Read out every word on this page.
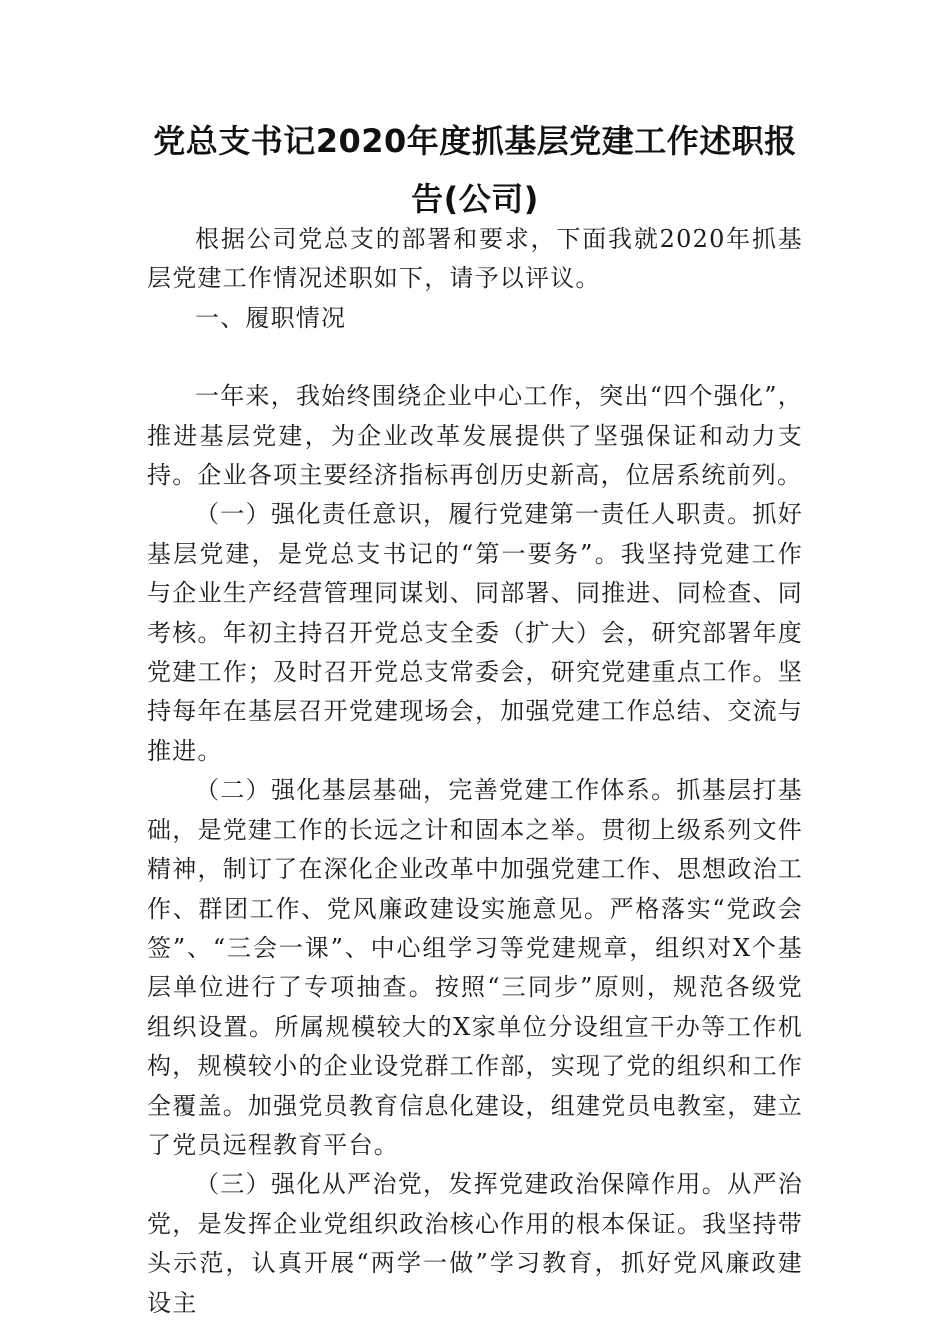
党总支书记2020年度抓基层党建工作述职报告(公司)

根据公司党总支的部署和要求，下面我就2020年抓基层党建工作情况述职如下，请予以评议。

一、履职情况

一年来，我始终围绕企业中心工作，突出“四个强化”，推进基层党建，为企业改革发展提供了坚强保证和动力支持。企业各项主要经济指标再创历史新高，位居系统前列。

（一）强化责任意识，履行党建第一责任人职责。抓好基层党建，是党总支书记的“第一要务”。我坚持党建工作与企业生产经营管理同谋划、同部署、同推进、同检查、同考核。年初主持召开党总支全委（扩大）会，研究部署年度党建工作；及时召开党总支常委会，研究党建重点工作。坚持每年在基层召开党建现场会，加强党建工作总结、交流与推进。

（二）强化基层基础，完善党建工作体系。抓基层打基础，是党建工作的长远之计和固本之举。贯彻上级系列文件精神，制订了在深化企业改革中加强党建工作、思想政治工作、群团工作、党风廉政建设实施意见。严格落实“党政会签”、“三会一课”、中心组学习等党建规章，组织对X个基层单位进行了专项抽查。按照“三同步”原则，规范各级党组织设置。所属规模较大的X家单位分设组宣干办等工作机构，规模较小的企业设党群工作部，实现了党的组织和工作全覆盖。加强党员教育信息化建设，组建党员电教室，建立了党员远程教育平台。

（三）强化从严治党，发挥党建政治保障作用。从严治党，是发挥企业党组织政治核心作用的根本保证。我坚持带头示范，认真开展“两学一做”学习教育，抓好党风廉政建设主
